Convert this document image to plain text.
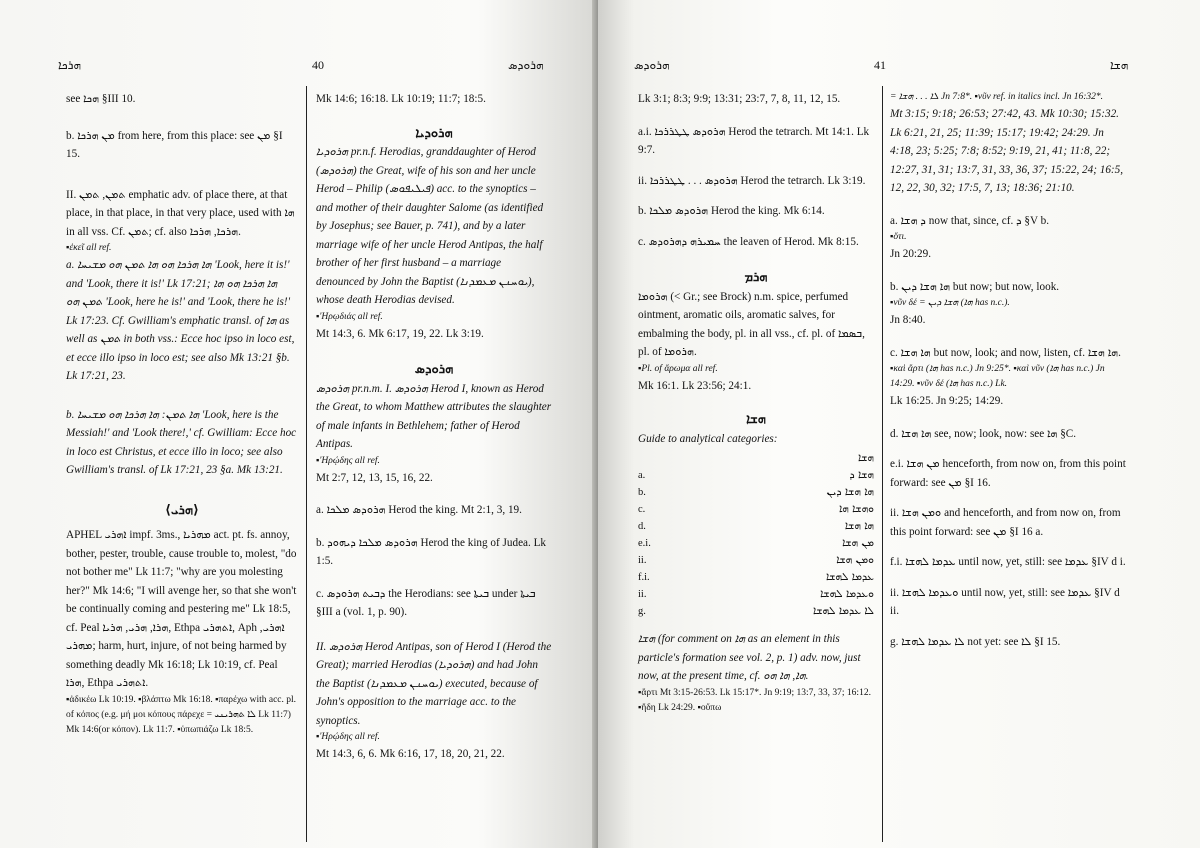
ܗܪܟܐ	40	ܗܪܘܕܣ

see ܗܟܐ §III 10.

b. ܡܢ ܗܪܟܐ from here, from this place: see ܡܢ §I 15.

II. ܬܡܢ, ܬܡܢ emphatic adv. of place there, at that place, in that place, in that very place, used with ܗܐ in all vss. Cf. ܬܡܢ; cf. also ܗܪܟܐ, ܗܪܟܐ.

▪ἐκεῖ all ref.

a. ܗܐ ܗܪܟܐ ܗܘ ܗܐ ܬܡܢ ܗܘ ܡܫܝܚܐ 'Look, here it is!' and 'Look, there it is!' Lk 17:21; ܗܐ ܗܪܟܐ ܗܘ ܗܐ ܬܡܢ ܗܘ 'Look, here he is!' and 'Look, there he is!' Lk 17:23. Cf. Gwilliam's emphatic transl. of ܗܐ as well as ܬܡܢ in both vss.: Ecce hoc ipso in loco est, et ecce illo ipso in loco est; see also Mk 13:21 §b. Lk 17:21, 23.

b. ܗܐ ܬܡܢ: ܗܐ ܗܪܟܐ ܗܘ ܡܫܝܚܐ 'Look, here is the Messiah!' and 'Look there!,' cf. Gwilliam: Ecce hoc in loco est Christus, et ecce illo in loco; see also Gwilliam's transl. of Lk 17:21, 23 §a. Mk 13:21.

⟨ܗܪܝ⟩

APHEL ܐܗܪܝ impf. 3ms., ܡܗܪܝܐ act. pt. fs. annoy, bother, pester, trouble, cause trouble to, molest, "do not bother me" Lk 11:7; "why are you molesting her?" Mk 14:6; "I will avenge her, so that she won't be continually coming and pestering me" Lk 18:5, cf. Peal ܗܪܐ, ܗܪܝ, ܗܪܝܐ, Ethpa ܐܬܗܪܝ, Aph ܐܗܪܝ, ܡܗܪܝ; harm, hurt, injure, of not being harmed by something deadly Mk 16:18; Lk 10:19, cf. Peal ܗܪܐ, Ethpa ܐܬܗܪܝ.

▪ἀδικέω Lk 10:19. ▪βλάπτω Mk 16:18. ▪παρέχω with acc. pl. of κόπος (e.g. μή μοι κόπους πάρεχε = ܠܐ ܬܗܪܝܢܝ Lk 11:7) Mk 14:6(or κόπον). Lk 11:7. ▪ὑπωπιάζω Lk 18:5.

Mk 14:6; 16:18. Lk 10:19; 11:7; 18:5.

ܗܪܘܕܝܐ

ܗܪܘܕܝܐ pr.n.f. Herodias, granddaughter of Herod (ܗܪܘܕܣ) the Great, wife of his son and her uncle Herod – Philip (ܦܝܠܝܦܘܣ) acc. to the synoptics – and mother of their daughter Salome (as identified by Josephus; see Bauer, p. 741), and by a later marriage wife of her uncle Herod Antipas, the half brother of her first husband – a marriage denounced by John the Baptist (ܝܘܚܢܢ ܡܥܡܕܢܐ), whose death Herodias devised.

▪'Ηρῳδιάς all ref.

Mt 14:3, 6. Mk 6:17, 19, 22. Lk 3:19.

ܗܪܘܕܣ

ܗܪܘܕܣ pr.n.m. I. ܗܪܘܕܣ Herod I, known as Herod the Great, to whom Matthew attributes the slaughter of male infants in Bethlehem; father of Herod Antipas.

▪'Ηρῴδης all ref.

Mt 2:7, 12, 13, 15, 16, 22.

a. ܗܪܘܕܣ ܡܠܟܐ Herod the king. Mt 2:1, 3, 19.

b. ܗܪܘܕܣ ܡܠܟܐ ܕܝܗܘܕ Herod the king of Judea. Lk 1:5.

c. ܕܒܝܬ ܗܪܘܕܣ the Herodians: see ܒܝܬܐ under ܒܝܬܐ §III a (vol. 1, p. 90).

II. ܗܪܘܕܣ Herod Antipas, son of Herod I (Herod the Great); married Herodias (ܗܪܘܕܝܐ) and had John the Baptist (ܝܘܚܢܢ ܡܥܡܕܢܐ) executed, because of John's opposition to the marriage acc. to the synoptics.

▪'Ηρῴδης all ref.

Mt 14:3, 6, 6. Mk 6:16, 17, 18, 20, 21, 22.

ܗܪܘܕܣ	41	ܗܫܐ

Lk 3:1; 8:3; 9:9; 13:31; 23:7, 7, 8, 11, 12, 15.

a.i. ܗܪܘܕܣ ܛܛܪܪܟܐ Herod the tetrarch. Mt 14:1. Lk 9:7.

ii. ܗܪܘܕܣ . . . ܛܛܪܪܟܐ Herod the tetrarch. Lk 3:19.

b. ܗܪܘܕܣ ܡܠܟܐ Herod the king. Mk 6:14.

c. ܚܡܝܪܗ ܕܗܪܘܕܣ the leaven of Herod. Mk 8:15.

ܗܪܡ

ܗܪܘܡܐ (< Gr.; see Brock) n.m. spice, perfumed ointment, aromatic oils, aromatic salves, for embalming the body, pl. in all vss., cf. pl. of ܒܣܡܐ, pl. of ܗܪܘܡܐ.

▪Pl. of ἄρωμα all ref.

Mk 16:1. Lk 23:56; 24:1.

ܗܫܐ

Guide to analytical categories:

ܗܫܐ
a.	ܗܫܐ ܕ
b.	ܗܐ ܗܫܐ ܕܝܢ
c.	ܘܗܫܐ ܗܐ
d.	ܗܐ ܗܫܐ
e.i.	ܡܢ ܗܫܐ
ii.	ܘܡܢ ܗܫܐ
f.i.	ܥܕܡܐ ܠܗܫܐ
ii.	ܘܥܕܡܐ ܠܗܫܐ
g.	ܠܐ ܥܕܡܐ ܠܗܫܐ

ܗܫܐ (for comment on ܗܐ as an element in this particle's formation see vol. 2, p. 1) adv. now, just now, at the present time, cf. ܗܐ, ܗܐ ܗܘ.

▪ἄρτι Mt 3:15-26:53. Lk 15:17*. Jn 9:19; 13:7, 33, 37; 16:12. ▪ἤδη Lk 24:29. ▪οὔπω

= ܠܐ . . . ܗܫܐ Jn 7:8*. ▪νῦν ref. in italics incl. Jn 16:32*.

Mt 3:15; 9:18; 26:53; 27:42, 43. Mk 10:30; 15:32. Lk 6:21, 21, 25; 11:39; 15:17; 19:42; 24:29. Jn 4:18, 23; 5:25; 7:8; 8:52; 9:19, 21, 41; 11:8, 22; 12:27, 31, 31; 13:7, 31, 33, 36, 37; 15:22, 24; 16:5, 12, 22, 30, 32; 17:5, 7, 13; 18:36; 21:10.

a. ܕ ܗܫܐ now that, since, cf. ܕ §V b.

▪ὅτι.

Jn 20:29.

b. ܗܐ ܗܫܐ ܕܝܢ but now; but now, look.

▪νῦν δέ = ܗܫܐ ܕܝܢ (ܗܐ has n.c.).

Jn 8:40.

c. ܗܐ ܗܫܐ but now, look; and now, listen, cf. ܗܐ ܗܫܐ.

▪καὶ ἄρτι (ܗܐ has n.c.) Jn 9:25*. ▪καὶ νῦν (ܗܐ has n.c.) Jn 14:29. ▪νῦν δέ (ܗܐ has n.c.) Lk.

Lk 16:25. Jn 9:25; 14:29.

d. ܗܐ ܗܫܐ see, now; look, now: see ܗܐ §C.

e.i. ܡܢ ܗܫܐ henceforth, from now on, from this point forward: see ܡܢ §I 16.

ii. ܘܡܢ ܗܫܐ and henceforth, and from now on, from this point forward: see ܡܢ §I 16 a.

f.i. ܥܕܡܐ ܠܗܫܐ until now, yet, still: see ܥܕܡܐ §IV d i.

ii. ܘܥܕܡܐ ܠܗܫܐ until now, yet, still: see ܥܕܡܐ §IV d ii.

g. ܠܐ ܥܕܡܐ ܠܗܫܐ not yet: see ܠܐ §I 15.
